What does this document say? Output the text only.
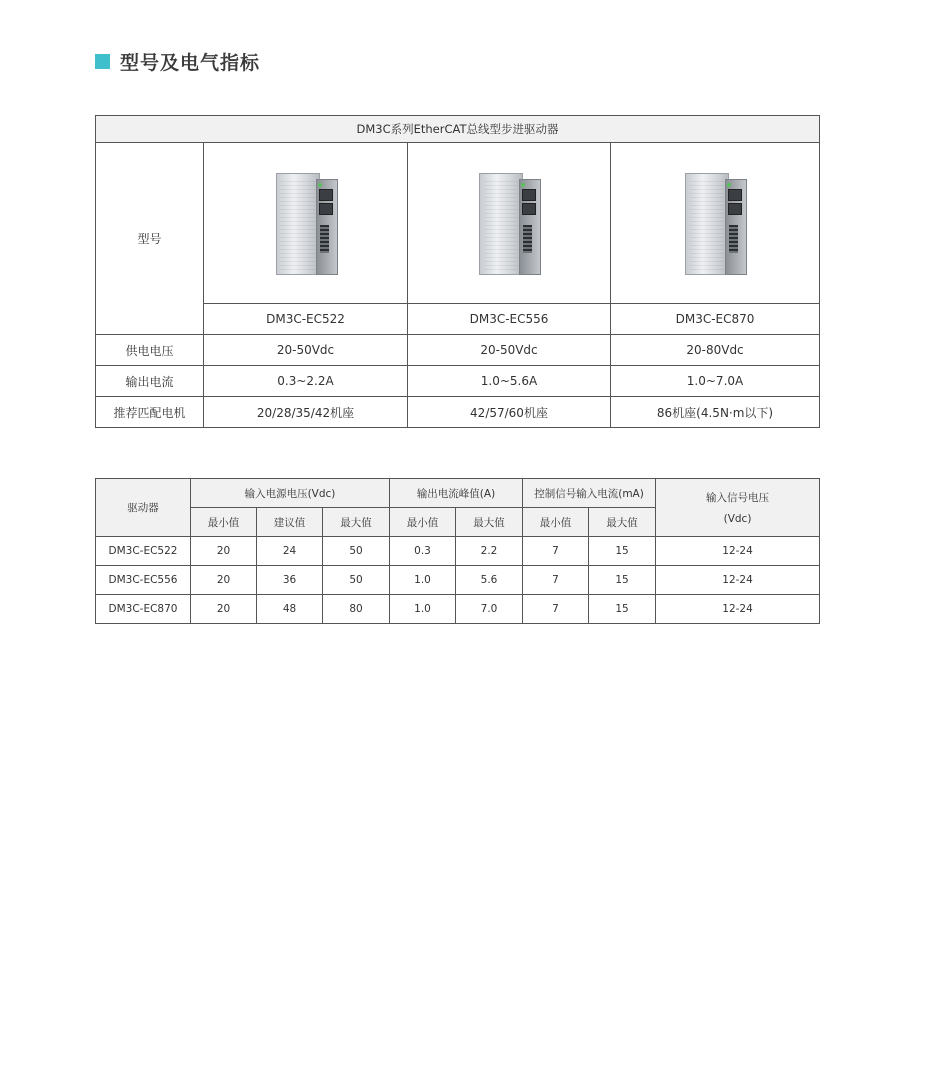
型号及电气指标
DM3C系列EtherCAT总线型步进驱动器			
型号	

	DM3C-EC522	DM3C-EC556	DM3C-EC870
供电电压	20-50Vdc	20-50Vdc	20-80Vdc
输出电流	0.3~2.2A	1.0~5.6A	1.0~7.0A
推荐匹配电机	20/28/35/42机座	42/57/60机座	86机座(4.5N·m以下)
驱动器	输入电源电压(Vdc)			输出电流峰值(A)		控制信号输入电流(mA)		输入信号电压
(Vdc)

	最小值	建议值	最大值	最小值	最大值	最小值	最大值	
DM3C-EC522	20	24	50	0.3	2.2	7	15	12-24
DM3C-EC556	20	36	50	1.0	5.6	7	15	12-24
DM3C-EC870	20	48	80	1.0	7.0	7	15	12-24
